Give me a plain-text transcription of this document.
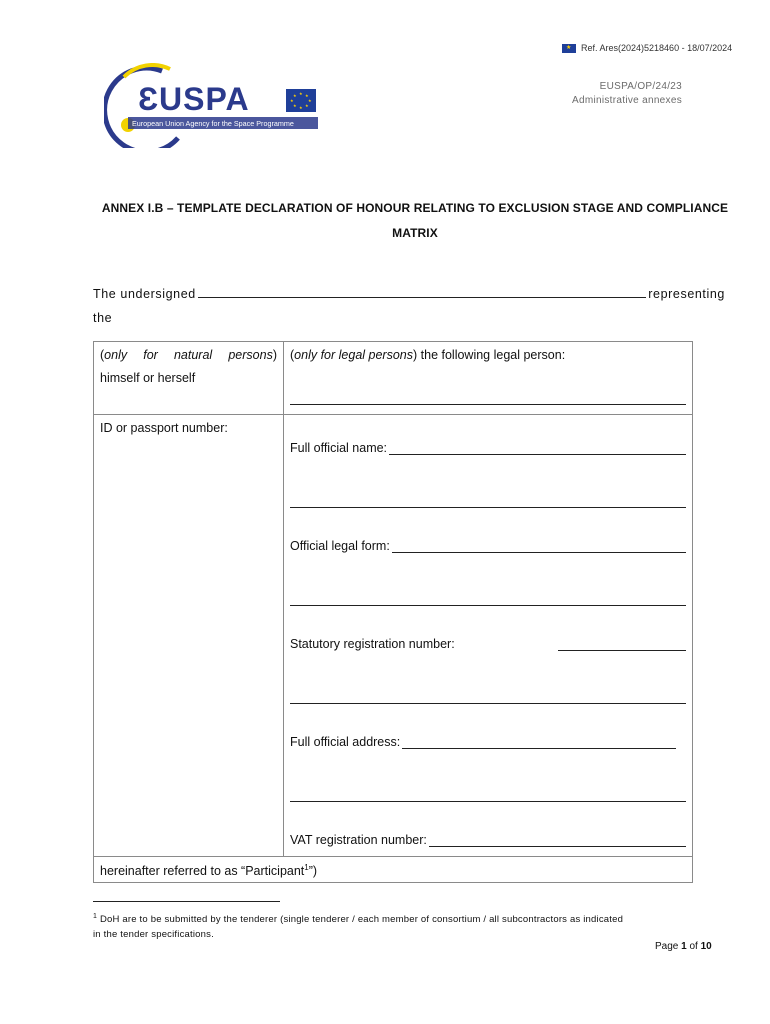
★
Ref. Ares(2024)5218460 - 18/07/2024
ƐUSPA	★ ★
★
★
★
★
★
★
European Union Agency for the Space Programme
EUSPA/OP/24/23
Administrative annexes
ANNEX I.B – TEMPLATE DECLARATION OF HONOUR RELATING TO EXCLUSION STAGE AND COMPLIANCE
MATRIX
The undersigned	representing
the
(only for natural persons) himself or herself	(only for legal persons) the following legal person:

ID or passport number:	Full official name:
Official legal form:
Statutory registration number:
Full official address:
VAT registration number:

hereinafter referred to as “Participant$^1$”)	
$^1$ DoH are to be submitted by the tenderer (single tenderer / each member of consortium / all subcontractors as indicated
in the tender specifications.
Page 1 of 10
